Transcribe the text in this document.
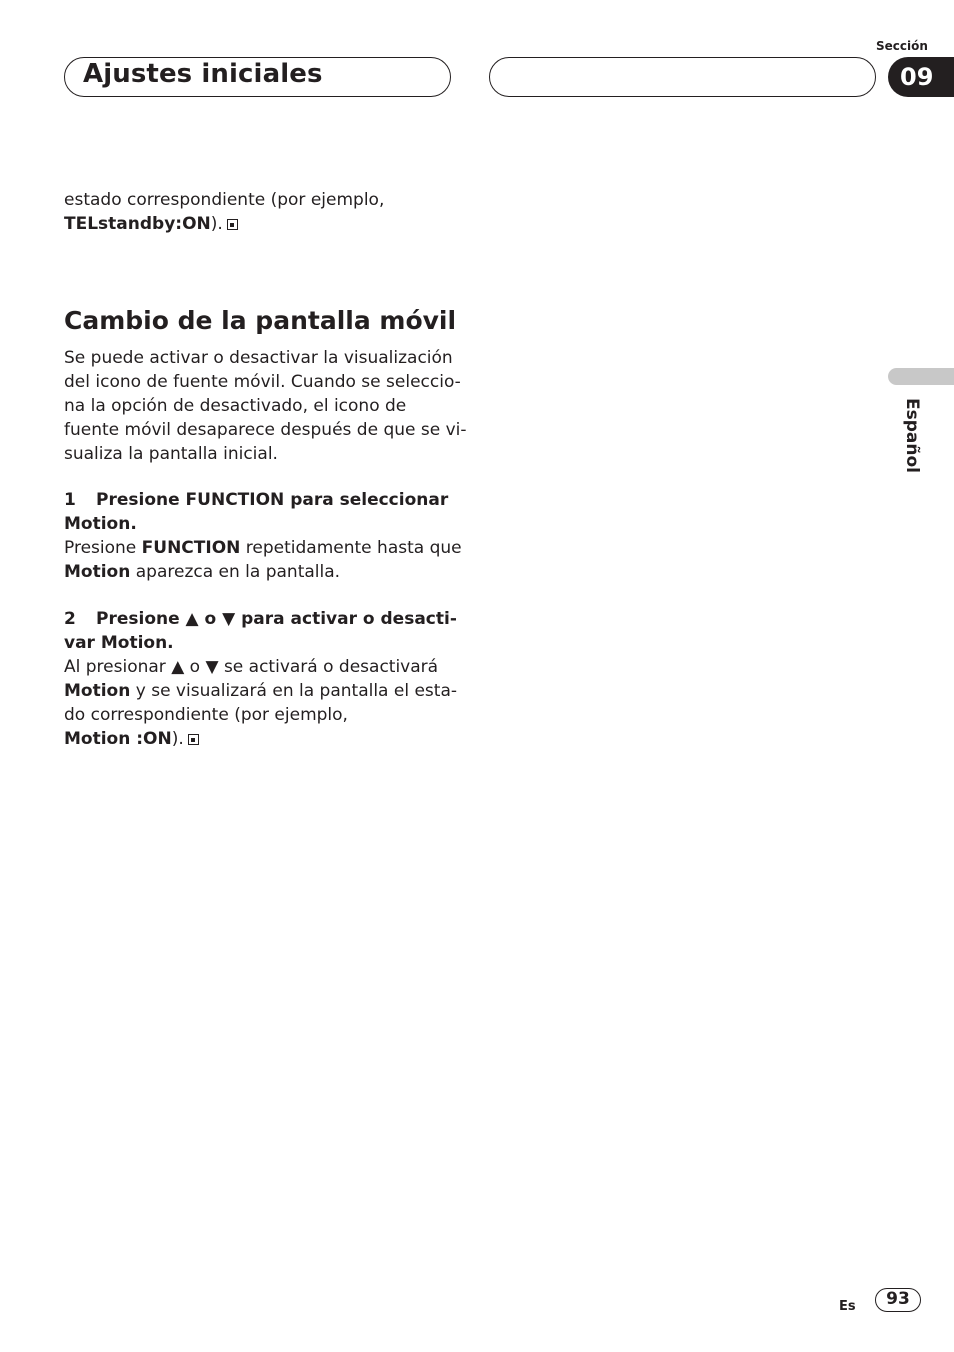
Ajustes iniciales
Sección
09
Español
estado correspondiente (por ejemplo,
TELstandby:ON).
Cambio de la pantalla móvil
Se puede activar o desactivar la visualización
del icono de fuente móvil. Cuando se seleccio-
na la opción de desactivado, el icono de
fuente móvil desaparece después de que se vi-
sualiza la pantalla inicial.
1 Presione FUNCTION para seleccionar
Motion.
Presione FUNCTION repetidamente hasta que
Motion aparezca en la pantalla.
2 Presione ▲ o ▼ para activar o desacti-
var Motion.
Al presionar ▲ o ▼ se activará o desactivará
Motion y se visualizará en la pantalla el esta-
do correspondiente (por ejemplo,
Motion :ON).
Es	93
